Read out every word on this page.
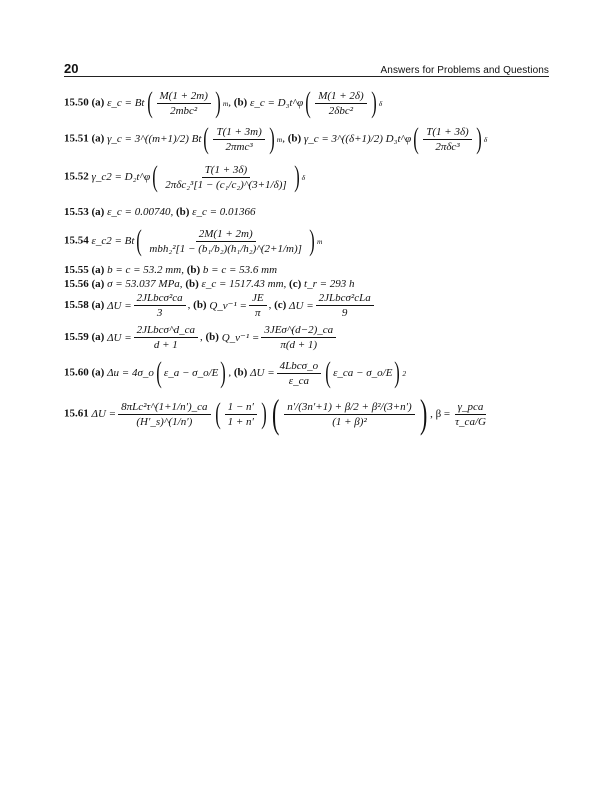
20	Answers for Problems and Questions
15.50 (a) ε_c = Bt ( $\frac{M(1 + 2m)}{\text{2mbc²}}$ ) m , (b) ε_c = D₃t^φ ( $\frac{M(1 + 2\delta)}{\text{2δbc²}}$ ) δ
15.51 (a) γ_c = 3^((m+1)/2) Bt ( $\frac{T(1 + 3m)}{\text{2πmc³}}$ ) m , (b) γ_c = 3^((δ+1)/2) D₃t^φ ( $\frac{T(1 + 3\delta)}{\text{2πδc³}}$ ) δ
15.52 γ_c2 = D₂t^φ ( $\frac{T(1 + 3\delta)}{\text{2πδc₂³[1 − (c₁/c₂)\textasciicircum{}(3+1/δ)]}}$ ) δ
15.53 (a) ε_c = 0.00740, (b) ε_c = 0.01366
15.54 ε_c2 = Bt ( $\frac{2M(1 + 2m)}{\text{mbh₂²[1 − (b₁/b₂)(h₁/h₂)\textasciicircum{}(2+1/m)]}}$ ) m
15.55 (a) b = c = 53.2 mm, (b) b = c = 53.6 mm
15.56 (a) σ = 53.037 MPa, (b) ε_c = 1517.43 mm, (c) t_r = 293 h
15.58 (a) $\Delta U = \frac{\text{2JLbcσ²ca}}{3}$ , (b) Q_v⁻¹ = $\frac{JE}{\pi}$ , (c) $\Delta U = \frac{\text{2JLbcσ²cLa}}{9}$
15.59 (a) $\Delta U = \frac{\text{2JLbcσ\textasciicircum{}d\_ca}}{d + 1}$ , (b) Q_v⁻¹ = $\frac{\text{3JEσ\textasciicircum{}(d−2)\_ca}}{\pi(d + 1)}$
15.60 (a) Δu = 4σ_o ( ε_a − σ_o/E ) , (b) $\Delta U = \frac{\text{4Lbcσ\_o}}{\varepsilon\_ca}$ ( ε_ca − σ_o/E ) 2
15.61 $\Delta U = \frac{\text{8πLc²τ\textasciicircum{}(1+1/n′)\_ca}}{(H'\_s)\^{}(1/n')}$ ( $\frac{1 - n'}{1 + n'}$ ) ( $\frac{\text{n′/(3n′+1) + β/2 + β²/(3+n′)}}{\text{(1 + β)²}}$ ) , $\beta = \frac{\text{γ\_pca}}{\tau\_ca/G}$
